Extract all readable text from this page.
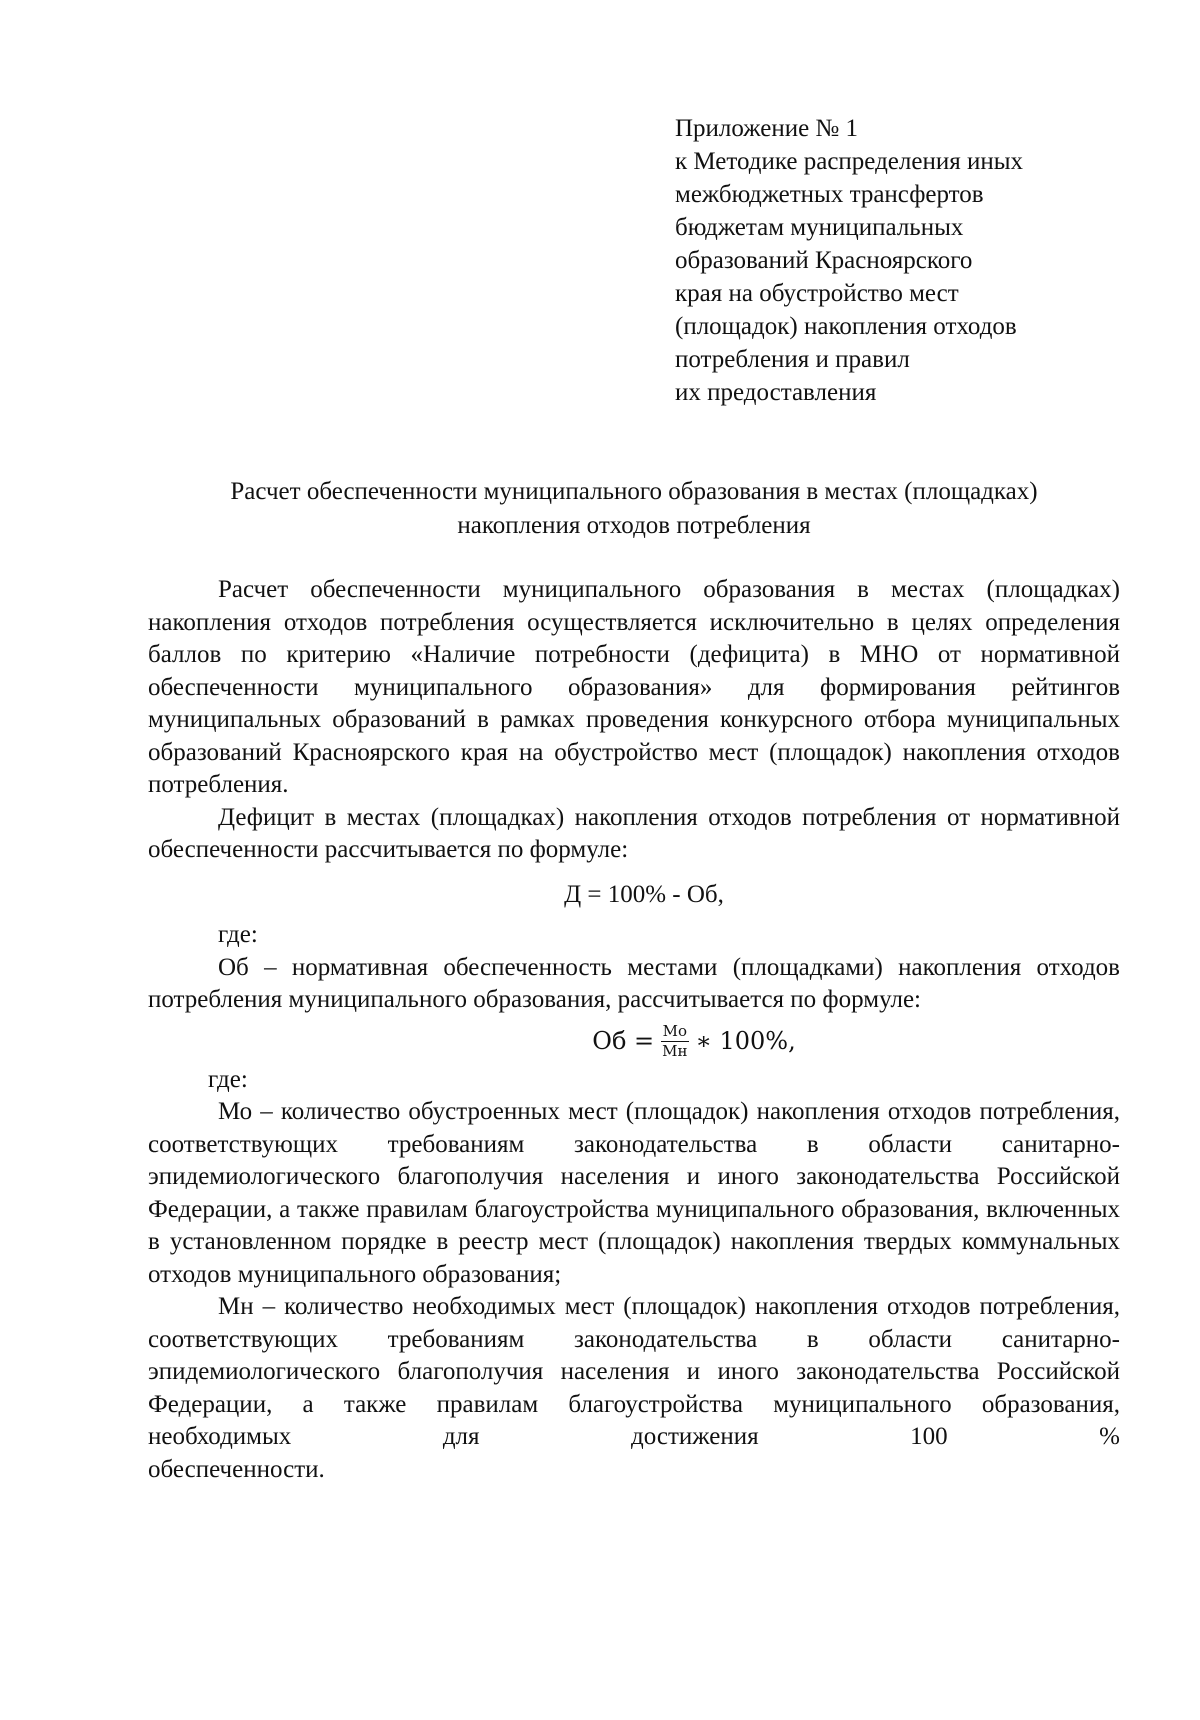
Приложение № 1
к Методике распределения иных
межбюджетных трансфертов
бюджетам муниципальных
образований Красноярского
края на обустройство мест
(площадок) накопления отходов
потребления и правил
их предоставления
Расчет обеспеченности муниципального образования в местах (площадках)
накопления отходов потребления

Расчет обеспеченности муниципального образования в местах (площадках) накопления отходов потребления осуществляется исключительно в целях определения баллов по критерию «Наличие потребности (дефицита) в МНО от нормативной обеспеченности муниципального образования» для формирования рейтингов муниципальных образований в рамках проведения конкурсного отбора муниципальных образований Красноярского края на обустройство мест (площадок) накопления отходов потребления.

Дефицит в местах (площадках) накопления отходов потребления от нормативной обеспеченности рассчитывается по формуле:

Д = 100% - Об,

где:

Об – нормативная обеспеченность местами (площадками) накопления отходов потребления муниципального образования, рассчитывается по формуле:

Об = $\frac{Мо}{Мн}$ ∗ 100%,

где:

Мо – количество обустроенных мест (площадок) накопления отходов потребления, соответствующих требованиям законодательства в области санитарно-эпидемиологического благополучия населения и иного законодательства Российской Федерации, а также правилам благоустройства муниципального образования, включенных в установленном порядке в реестр мест (площадок) накопления твердых коммунальных отходов муниципального образования;

Мн – количество необходимых мест (площадок) накопления отходов потребления, соответствующих требованиям законодательства в области санитарно-эпидемиологического благополучия населения и иного законодательства Российской Федерации, а также правилам благоустройства муниципального образования, необходимых для достижения 100 %

обеспеченности.
